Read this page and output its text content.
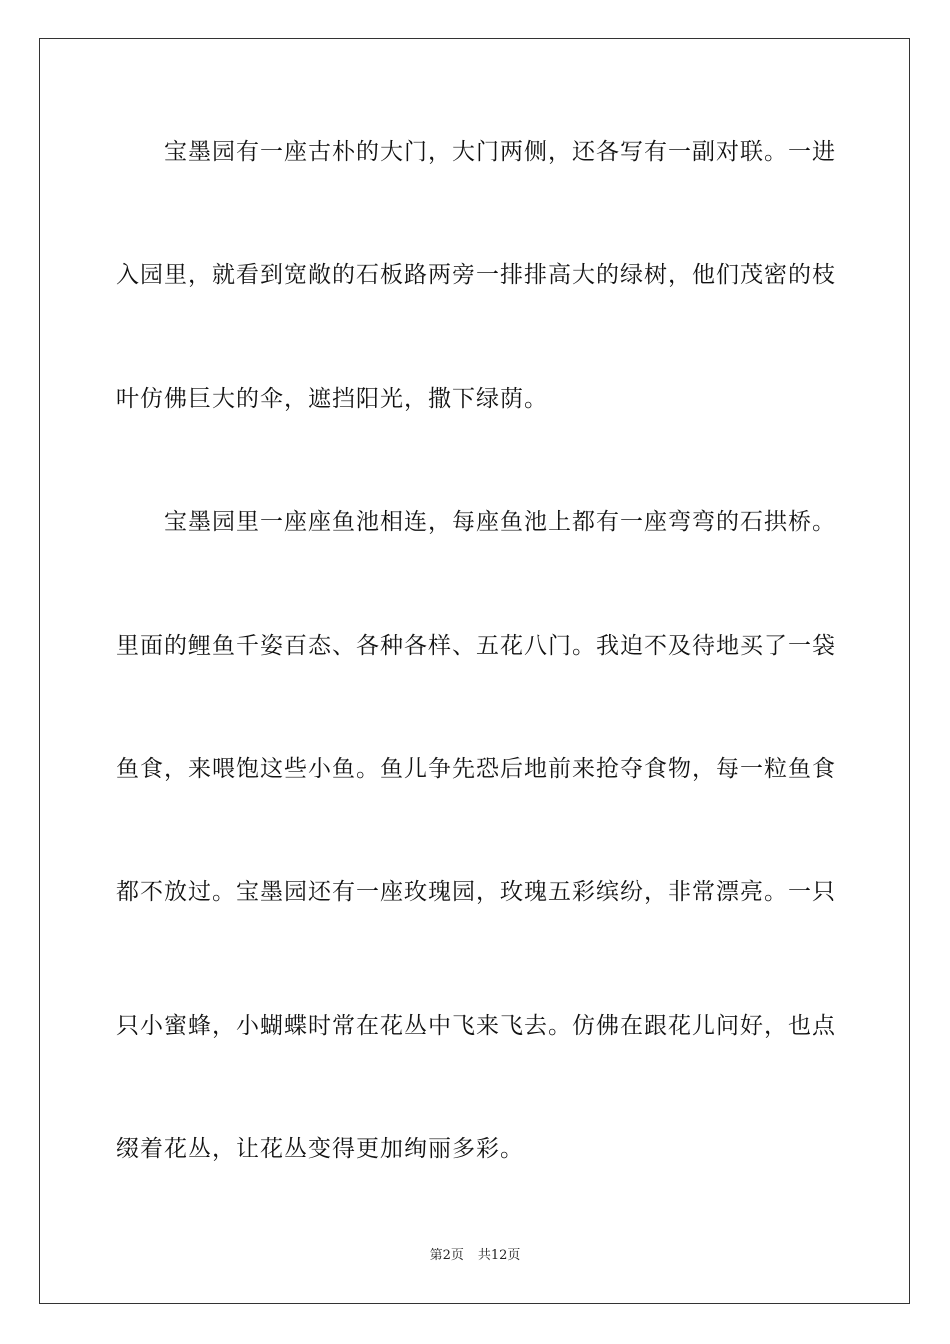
　　宝墨园有一座古朴的大门，大门两侧，还各写有一副对联。一进
入园里，就看到宽敞的石板路两旁一排排高大的绿树，他们茂密的枝
叶仿佛巨大的伞，遮挡阳光，撒下绿荫。
　　宝墨园里一座座鱼池相连，每座鱼池上都有一座弯弯的石拱桥。
里面的鲤鱼千姿百态、各种各样、五花八门。我迫不及待地买了一袋
鱼食，来喂饱这些小鱼。鱼儿争先恐后地前来抢夺食物，每一粒鱼食
都不放过。宝墨园还有一座玫瑰园，玫瑰五彩缤纷，非常漂亮。一只
只小蜜蜂，小蝴蝶时常在花丛中飞来飞去。仿佛在跟花儿问好，也点
缀着花丛，让花丛变得更加绚丽多彩。
第2页 共12页
